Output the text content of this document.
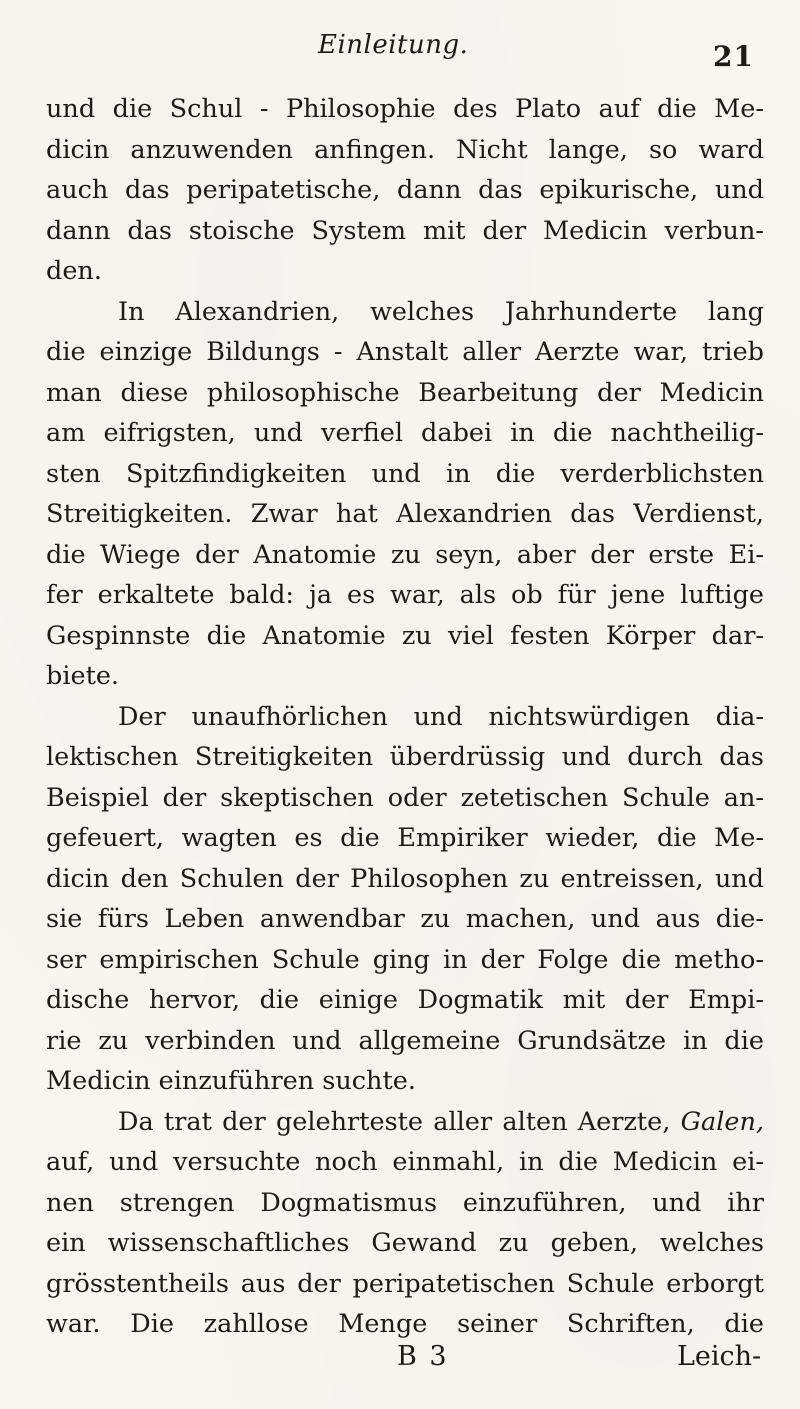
Einleitung.	21
und die Schul - Philosophie des Plato auf die Me-
dicin anzuwenden anfingen. Nicht lange, so ward
auch das peripatetische, dann das epikurische, und
dann das stoische System mit der Medicin verbun-
den.
In Alexandrien, welches Jahrhunderte lang
die einzige Bildungs - Anstalt aller Aerzte war, trieb
man diese philosophische Bearbeitung der Medicin
am eifrigsten, und verfiel dabei in die nachtheilig-
sten Spitzfindigkeiten und in die verderblichsten
Streitigkeiten. Zwar hat Alexandrien das Verdienst,
die Wiege der Anatomie zu seyn, aber der erste Ei-
fer erkaltete bald: ja es war, als ob für jene luftige
Gespinnste die Anatomie zu viel festen Körper dar-
biete.
Der unaufhörlichen und nichtswürdigen dia-
lektischen Streitigkeiten überdrüssig und durch das
Beispiel der skeptischen oder zetetischen Schule an-
gefeuert, wagten es die Empiriker wieder, die Me-
dicin den Schulen der Philosophen zu entreissen, und
sie fürs Leben anwendbar zu machen, und aus die-
ser empirischen Schule ging in der Folge die metho-
dische hervor, die einige Dogmatik mit der Empi-
rie zu verbinden und allgemeine Grundsätze in die
Medicin einzuführen suchte.
Da trat der gelehrteste aller alten Aerzte, Galen,
auf, und versuchte noch einmahl, in die Medicin ei-
nen strengen Dogmatismus einzuführen, und ihr
ein wissenschaftliches Gewand zu geben, welches
grösstentheils aus der peripatetischen Schule erborgt
war. Die zahllose Menge seiner Schriften, die
B 3	Leich-
